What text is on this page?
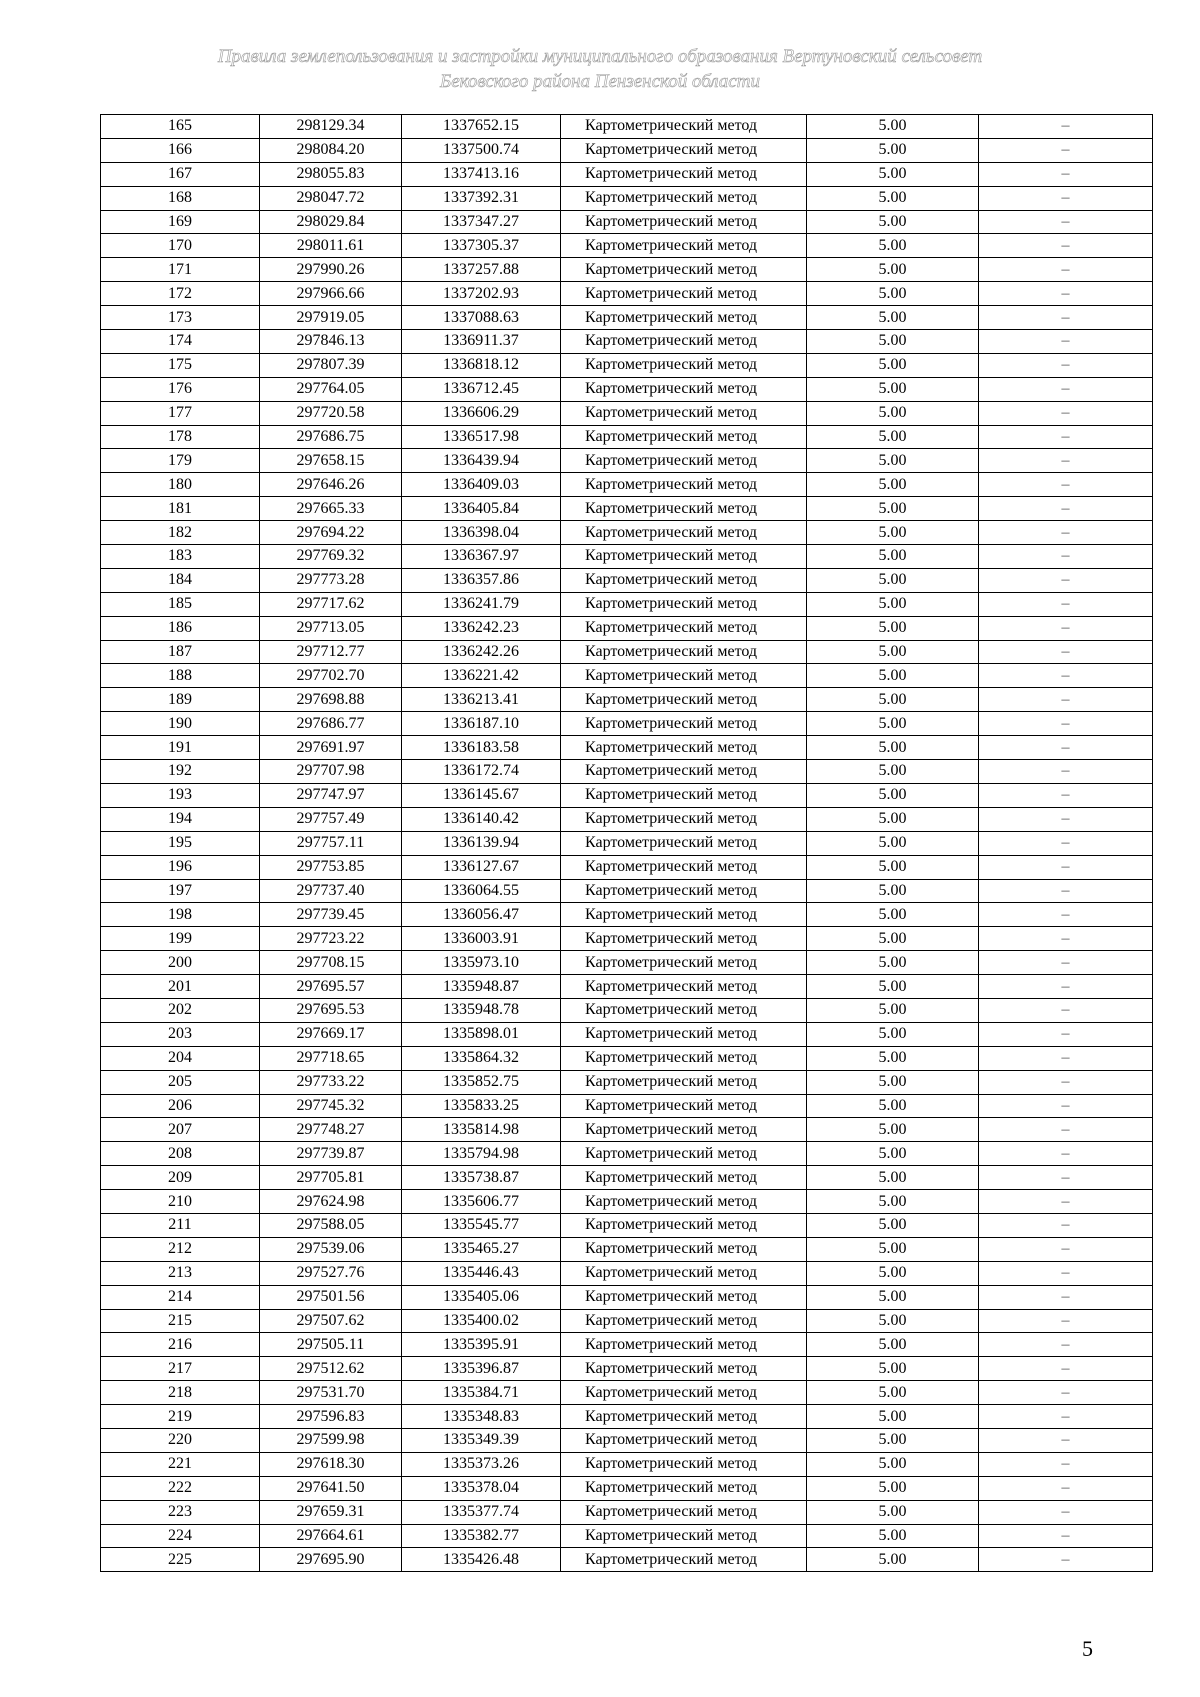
Правила землепользования и застройки муниципального образования Вертуновский сельсовет
Бековского района Пензенской области
165	298129.34	1337652.15	Картометрический метод	5.00	–
166	298084.20	1337500.74	Картометрический метод	5.00	–
167	298055.83	1337413.16	Картометрический метод	5.00	–
168	298047.72	1337392.31	Картометрический метод	5.00	–
169	298029.84	1337347.27	Картометрический метод	5.00	–
170	298011.61	1337305.37	Картометрический метод	5.00	–
171	297990.26	1337257.88	Картометрический метод	5.00	–
172	297966.66	1337202.93	Картометрический метод	5.00	–
173	297919.05	1337088.63	Картометрический метод	5.00	–
174	297846.13	1336911.37	Картометрический метод	5.00	–
175	297807.39	1336818.12	Картометрический метод	5.00	–
176	297764.05	1336712.45	Картометрический метод	5.00	–
177	297720.58	1336606.29	Картометрический метод	5.00	–
178	297686.75	1336517.98	Картометрический метод	5.00	–
179	297658.15	1336439.94	Картометрический метод	5.00	–
180	297646.26	1336409.03	Картометрический метод	5.00	–
181	297665.33	1336405.84	Картометрический метод	5.00	–
182	297694.22	1336398.04	Картометрический метод	5.00	–
183	297769.32	1336367.97	Картометрический метод	5.00	–
184	297773.28	1336357.86	Картометрический метод	5.00	–
185	297717.62	1336241.79	Картометрический метод	5.00	–
186	297713.05	1336242.23	Картометрический метод	5.00	–
187	297712.77	1336242.26	Картометрический метод	5.00	–
188	297702.70	1336221.42	Картометрический метод	5.00	–
189	297698.88	1336213.41	Картометрический метод	5.00	–
190	297686.77	1336187.10	Картометрический метод	5.00	–
191	297691.97	1336183.58	Картометрический метод	5.00	–
192	297707.98	1336172.74	Картометрический метод	5.00	–
193	297747.97	1336145.67	Картометрический метод	5.00	–
194	297757.49	1336140.42	Картометрический метод	5.00	–
195	297757.11	1336139.94	Картометрический метод	5.00	–
196	297753.85	1336127.67	Картометрический метод	5.00	–
197	297737.40	1336064.55	Картометрический метод	5.00	–
198	297739.45	1336056.47	Картометрический метод	5.00	–
199	297723.22	1336003.91	Картометрический метод	5.00	–
200	297708.15	1335973.10	Картометрический метод	5.00	–
201	297695.57	1335948.87	Картометрический метод	5.00	–
202	297695.53	1335948.78	Картометрический метод	5.00	–
203	297669.17	1335898.01	Картометрический метод	5.00	–
204	297718.65	1335864.32	Картометрический метод	5.00	–
205	297733.22	1335852.75	Картометрический метод	5.00	–
206	297745.32	1335833.25	Картометрический метод	5.00	–
207	297748.27	1335814.98	Картометрический метод	5.00	–
208	297739.87	1335794.98	Картометрический метод	5.00	–
209	297705.81	1335738.87	Картометрический метод	5.00	–
210	297624.98	1335606.77	Картометрический метод	5.00	–
211	297588.05	1335545.77	Картометрический метод	5.00	–
212	297539.06	1335465.27	Картометрический метод	5.00	–
213	297527.76	1335446.43	Картометрический метод	5.00	–
214	297501.56	1335405.06	Картометрический метод	5.00	–
215	297507.62	1335400.02	Картометрический метод	5.00	–
216	297505.11	1335395.91	Картометрический метод	5.00	–
217	297512.62	1335396.87	Картометрический метод	5.00	–
218	297531.70	1335384.71	Картометрический метод	5.00	–
219	297596.83	1335348.83	Картометрический метод	5.00	–
220	297599.98	1335349.39	Картометрический метод	5.00	–
221	297618.30	1335373.26	Картометрический метод	5.00	–
222	297641.50	1335378.04	Картометрический метод	5.00	–
223	297659.31	1335377.74	Картометрический метод	5.00	–
224	297664.61	1335382.77	Картометрический метод	5.00	–
225	297695.90	1335426.48	Картометрический метод	5.00	–
5
